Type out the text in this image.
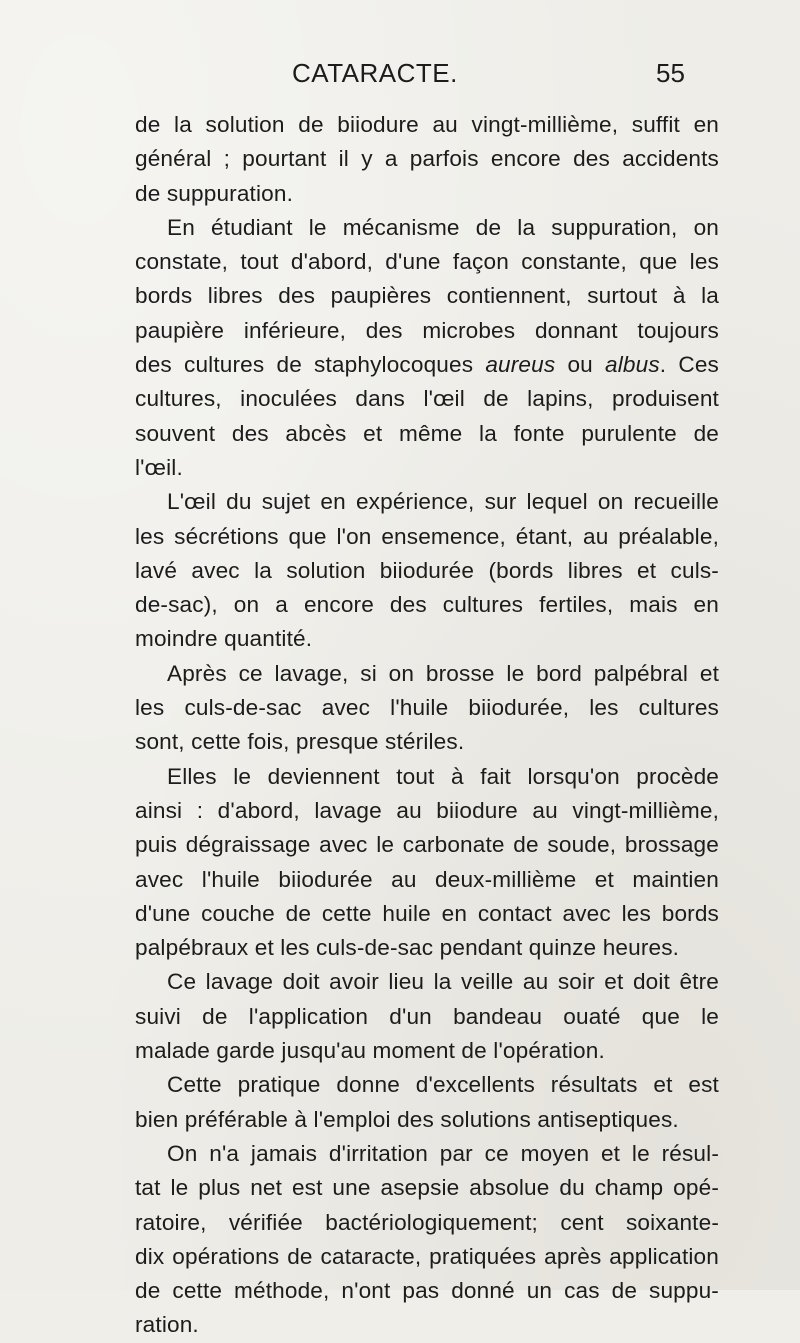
CATARACTE.	55
de la solution de biiodure au vingt-millième, suffit en
général ; pourtant il y a parfois encore des accidents
de suppuration.
En étudiant le mécanisme de la suppuration, on
constate, tout d'abord, d'une façon constante, que les
bords libres des paupières contiennent, surtout à la
paupière inférieure, des microbes donnant toujours
des cultures de staphylocoques aureus ou albus. Ces
cultures, inoculées dans l'œil de lapins, produisent
souvent des abcès et même la fonte purulente de
l'œil.
L'œil du sujet en expérience, sur lequel on recueille
les sécrétions que l'on ensemence, étant, au préalable,
lavé avec la solution biiodurée (bords libres et culs-
de-sac), on a encore des cultures fertiles, mais en
moindre quantité.
Après ce lavage, si on brosse le bord palpébral et
les culs-de-sac avec l'huile biiodurée, les cultures
sont, cette fois, presque stériles.
Elles le deviennent tout à fait lorsqu'on procède
ainsi : d'abord, lavage au biiodure au vingt-millième,
puis dégraissage avec le carbonate de soude, brossage
avec l'huile biiodurée au deux-millième et maintien
d'une couche de cette huile en contact avec les bords
palpébraux et les culs-de-sac pendant quinze heures.
Ce lavage doit avoir lieu la veille au soir et doit être
suivi de l'application d'un bandeau ouaté que le
malade garde jusqu'au moment de l'opération.
Cette pratique donne d'excellents résultats et est
bien préférable à l'emploi des solutions antiseptiques.
On n'a jamais d'irritation par ce moyen et le résul-
tat le plus net est une asepsie absolue du champ opé-
ratoire, vérifiée bactériologiquement; cent soixante-
dix opérations de cataracte, pratiquées après application
de cette méthode, n'ont pas donné un cas de suppu-
ration.
